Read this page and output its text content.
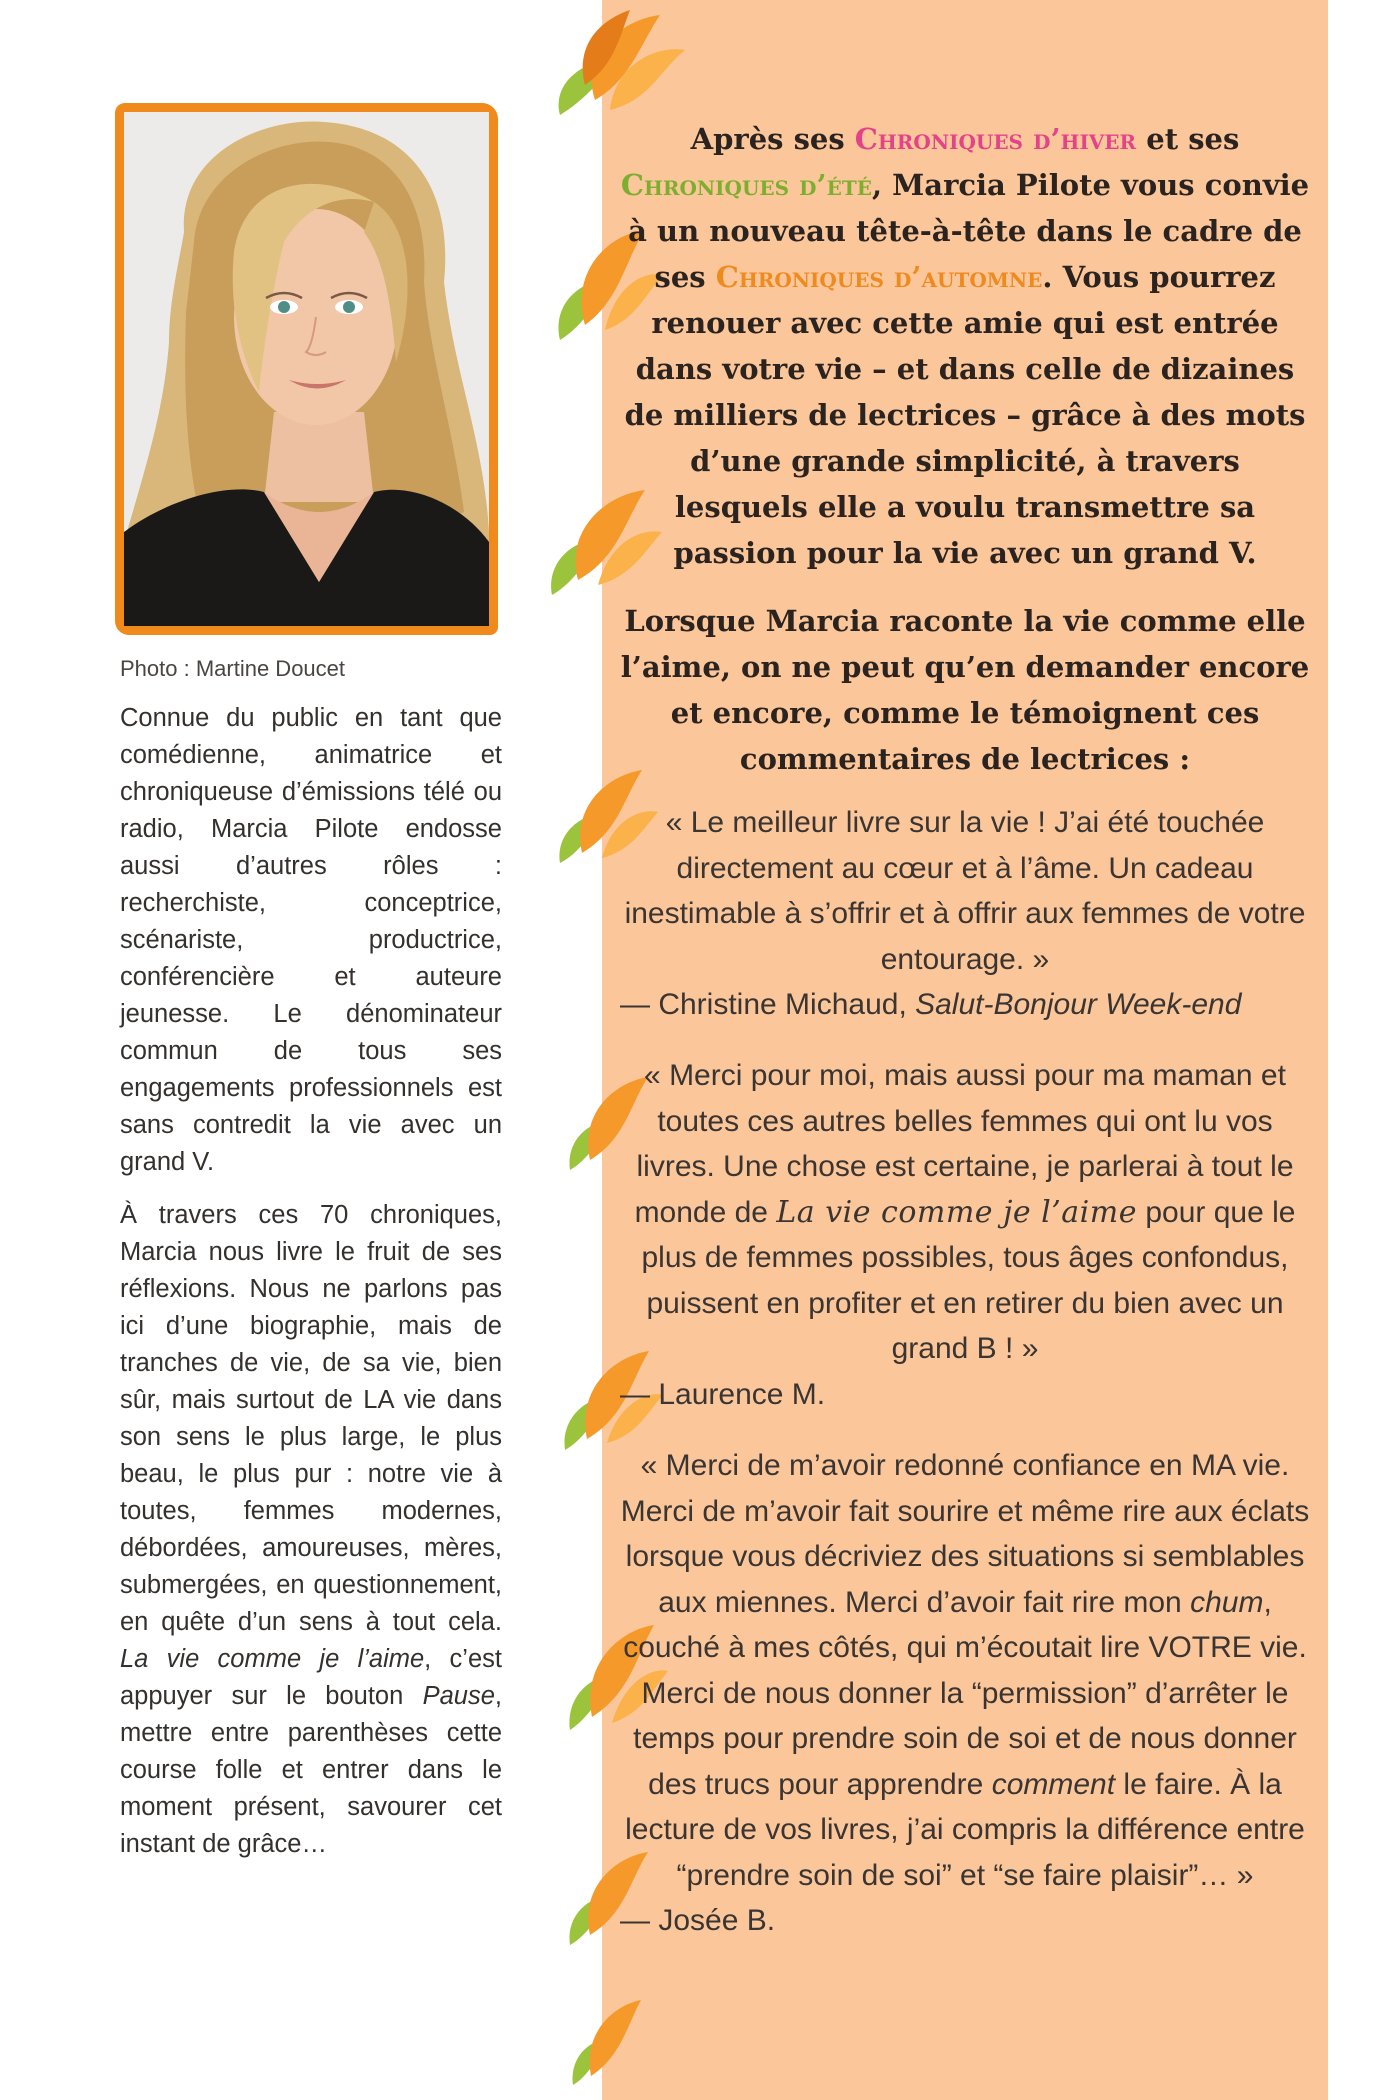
Photo : Martine Doucet

Connue du public en tant que comédienne, animatrice et chroniqueuse d’émissions télé ou radio, Marcia Pilote endosse aussi d’autres rôles : recherchiste, conceptrice, scénariste, productrice, conférencière et auteure jeunesse. Le dénominateur commun de tous ses engagements professionnels est sans contredit la vie avec un grand V.

À travers ces 70 chroniques, Marcia nous livre le fruit de ses réflexions. Nous ne parlons pas ici d’une biographie, mais de tranches de vie, de sa vie, bien sûr, mais surtout de LA vie dans son sens le plus large, le plus beau, le plus pur : notre vie à toutes, femmes modernes, débordées, amoureuses, mères, submergées, en questionnement, en quête d’un sens à tout cela. La vie comme je l’aime, c’est appuyer sur le bouton Pause, mettre entre parenthèses cette course folle et entrer dans le moment présent, savourer cet instant de grâce…

Après ses Chroniques d’hiver et ses Chroniques d’été, Marcia Pilote vous convie à un nouveau tête-à-tête dans le cadre de ses Chroniques d’automne. Vous pourrez renouer avec cette amie qui est entrée dans votre vie – et dans celle de dizaines de milliers de lectrices – grâce à des mots d’une grande simplicité, à travers lesquels elle a voulu transmettre sa passion pour la vie avec un grand V.

Lorsque Marcia raconte la vie comme elle l’aime, on ne peut qu’en demander encore et encore, comme le témoignent ces commentaires de lectrices :

« Le meilleur livre sur la vie ! J’ai été touchée directement au cœur et à l’âme. Un cadeau inestimable à s’offrir et à offrir aux femmes de votre entourage. »
— Christine Michaud, Salut-Bonjour Week-end
« Merci pour moi, mais aussi pour ma maman et toutes ces autres belles femmes qui ont lu vos livres. Une chose est certaine, je parlerai à tout le monde de La vie comme je l’aime pour que le plus de femmes possibles, tous âges confondus, puissent en profiter et en retirer du bien avec un grand B ! »
— Laurence M.
« Merci de m’avoir redonné confiance en MA vie. Merci de m’avoir fait sourire et même rire aux éclats lorsque vous décriviez des situations si semblables aux miennes. Merci d’avoir fait rire mon chum, couché à mes côtés, qui m’écoutait lire VOTRE vie.
Merci de nous donner la “permission” d’arrêter le temps pour prendre soin de soi et de nous donner des trucs pour apprendre comment le faire. À la lecture de vos livres, j’ai compris la différence entre “prendre soin de soi” et “se faire plaisir”… »
— Josée B.
